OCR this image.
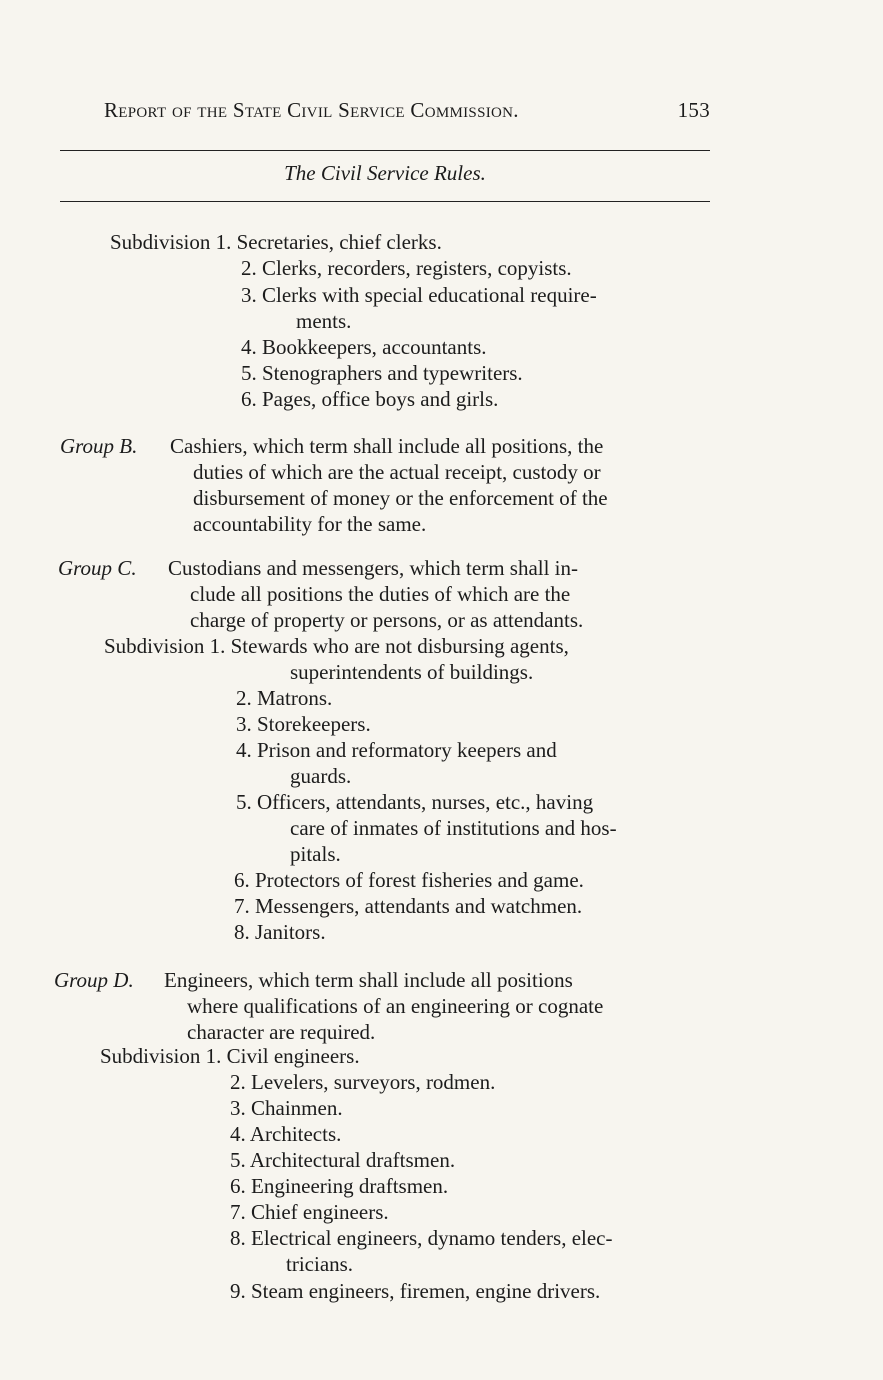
Report of the State Civil Service Commission.	153
The Civil Service Rules.
Subdivision 1. Secretaries, chief clerks.
2. Clerks, recorders, registers, copyists.
3. Clerks with special educational require-
ments.
4. Bookkeepers, accountants.
5. Stenographers and typewriters.
6. Pages, office boys and girls.
Group B. Cashiers, which term shall include all positions, the
duties of which are the actual receipt, custody or
disbursement of money or the enforcement of the
accountability for the same.
Group C. Custodians and messengers, which term shall in-
clude all positions the duties of which are the
charge of property or persons, or as attendants.
Subdivision 1. Stewards who are not disbursing agents,
superintendents of buildings.
2. Matrons.
3. Storekeepers.
4. Prison and reformatory keepers and
guards.
5. Officers, attendants, nurses, etc., having
care of inmates of institutions and hos-
pitals.
6. Protectors of forest fisheries and game.
7. Messengers, attendants and watchmen.
8. Janitors.
Group D. Engineers, which term shall include all positions
where qualifications of an engineering or cognate
character are required.
Subdivision 1. Civil engineers.
2. Levelers, surveyors, rodmen.
3. Chainmen.
4. Architects.
5. Architectural draftsmen.
6. Engineering draftsmen.
7. Chief engineers.
8. Electrical engineers, dynamo tenders, elec-
tricians.
9. Steam engineers, firemen, engine drivers.
